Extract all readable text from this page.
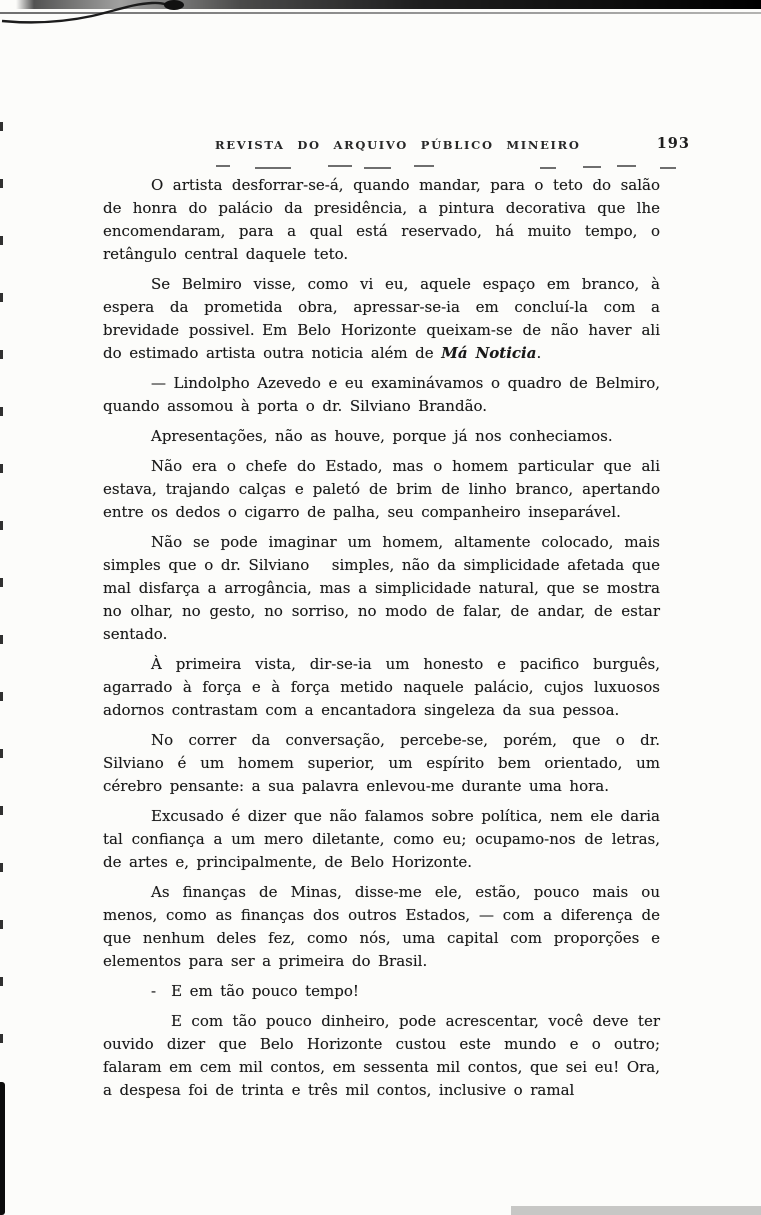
REVISTA DO ARQUIVO PÚBLICO MINEIRO	193

O artista desforrar-se-á, quando mandar, para o teto do salão de honra do palácio da presidência, a pintura decorativa que lhe encomendaram, para a qual está reservado, há muito tempo, o retângulo central daquele teto.

Se Belmiro visse, como vi eu, aquele espaço em branco, à espera da prometida obra, apressar-se-ia em concluí-la com a brevidade possivel. Em Belo Horizonte queixam-se de não haver ali do estimado artista outra noticia além de Má Noticia.

— Lindolpho Azevedo e eu examinávamos o quadro de Belmiro, quando assomou à porta o dr. Silviano Brandão.

Apresentações, não as houve, porque já nos conheciamos.

Não era o chefe do Estado, mas o homem particular que ali estava, trajando calças e paletó de brim de linho branco, apertando entre os dedos o cigarro de palha, seu companheiro inseparável.

Não se pode imaginar um homem, altamente colocado, mais simples que o dr. Silviano  simples, não da simplicidade afetada que mal disfarça a arrogância, mas a simplicidade natural, que se mostra no olhar, no gesto, no sorriso, no modo de falar, de andar, de estar sentado.

À primeira vista, dir-se-ia um honesto e pacifico burguês, agarrado à força e à força metido naquele palácio, cujos luxuosos adornos contrastam com a encantadora singeleza da sua pessoa.

No correr da conversação, percebe-se, porém, que o dr. Silviano é um homem superior, um espírito bem orientado, um cérebro pensante: a sua palavra enlevou-me durante uma hora.

Excusado é dizer que não falamos sobre política, nem ele daria tal confiança a um mero diletante, como eu; ocupamo-nos de letras, de artes e, principalmente, de Belo Horizonte.

As finanças de Minas, disse-me ele, estão, pouco mais ou menos, como as finanças dos outros Estados, — com a diferença de que nenhum deles fez, como nós, uma capital com proporções e elementos para ser a primeira do Brasil.

- E em tão pouco tempo!

E com tão pouco dinheiro, pode acrescentar, você deve ter ouvido dizer que Belo Horizonte custou este mundo e o outro; falaram em cem mil contos, em sessenta mil contos, que sei eu! Ora, a despesa foi de trinta e três mil contos, inclusive o ramal
